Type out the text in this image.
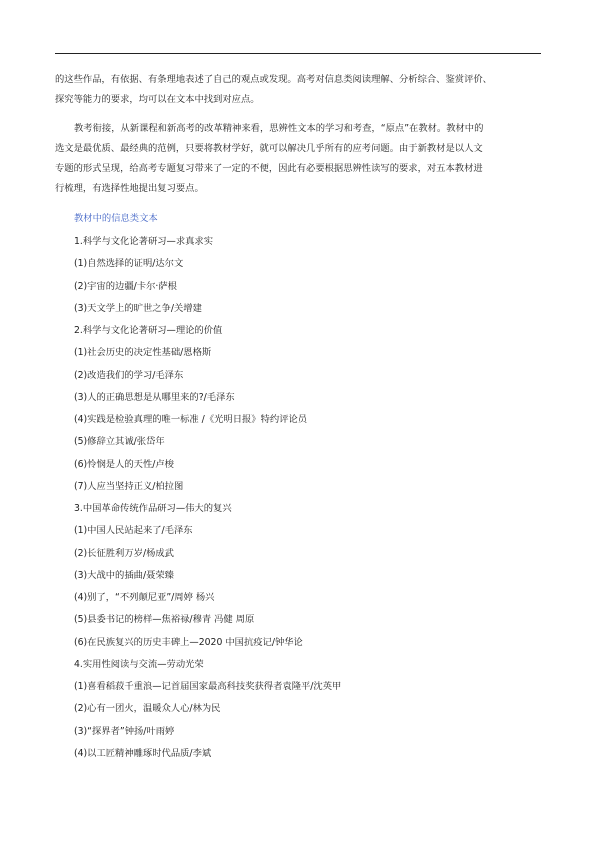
的这些作品，有依据、有条理地表述了自己的观点或发现。高考对信息类阅读理解、分析综合、鉴赏评价、
探究等能力的要求，均可以在文本中找到对应点。
教考衔接，从新课程和新高考的改革精神来看，思辨性文本的学习和考查，“原点”在教材。教材中的
选文是最优质、最经典的范例，只要将教材学好，就可以解决几乎所有的应考问题。由于新教材是以人文
专题的形式呈现，给高考专题复习带来了一定的不便，因此有必要根据思辨性读写的要求，对五本教材进
行梳理，有选择性地提出复习要点。
教材中的信息类文本
1.科学与文化论著研习—求真求实
(1)自然选择的证明/达尔文
(2)宇宙的边疆/卡尔·萨根
(3)天文学上的旷世之争/关增建
2.科学与文化论著研习—理论的价值
(1)社会历史的决定性基础/恩格斯
(2)改造我们的学习/毛泽东
(3)人的正确思想是从哪里来的?/毛泽东
(4)实践是检验真理的唯一标准 /《光明日报》特约评论员
(5)修辞立其诚/张岱年
(6)怜悯是人的天性/卢梭
(7)人应当坚持正义/柏拉图
3.中国革命传统作品研习—伟大的复兴
(1)中国人民站起来了/毛泽东
(2)长征胜利万岁/杨成武
(3)大战中的插曲/聂荣臻
(4)别了，“不列颠尼亚”/周婷 杨兴
(5)县委书记的榜样—焦裕禄/穆青 冯健 周原
(6)在民族复兴的历史丰碑上—2020 中国抗疫记/钟华论
4.实用性阅读与交流—劳动光荣
(1)喜看稻菽千重浪—记首届国家最高科技奖获得者袁隆平/沈英甲
(2)心有一团火，温暖众人心/林为民
(3)“探界者”钟扬/叶雨婷
(4)以工匠精神雕琢时代品质/李斌
